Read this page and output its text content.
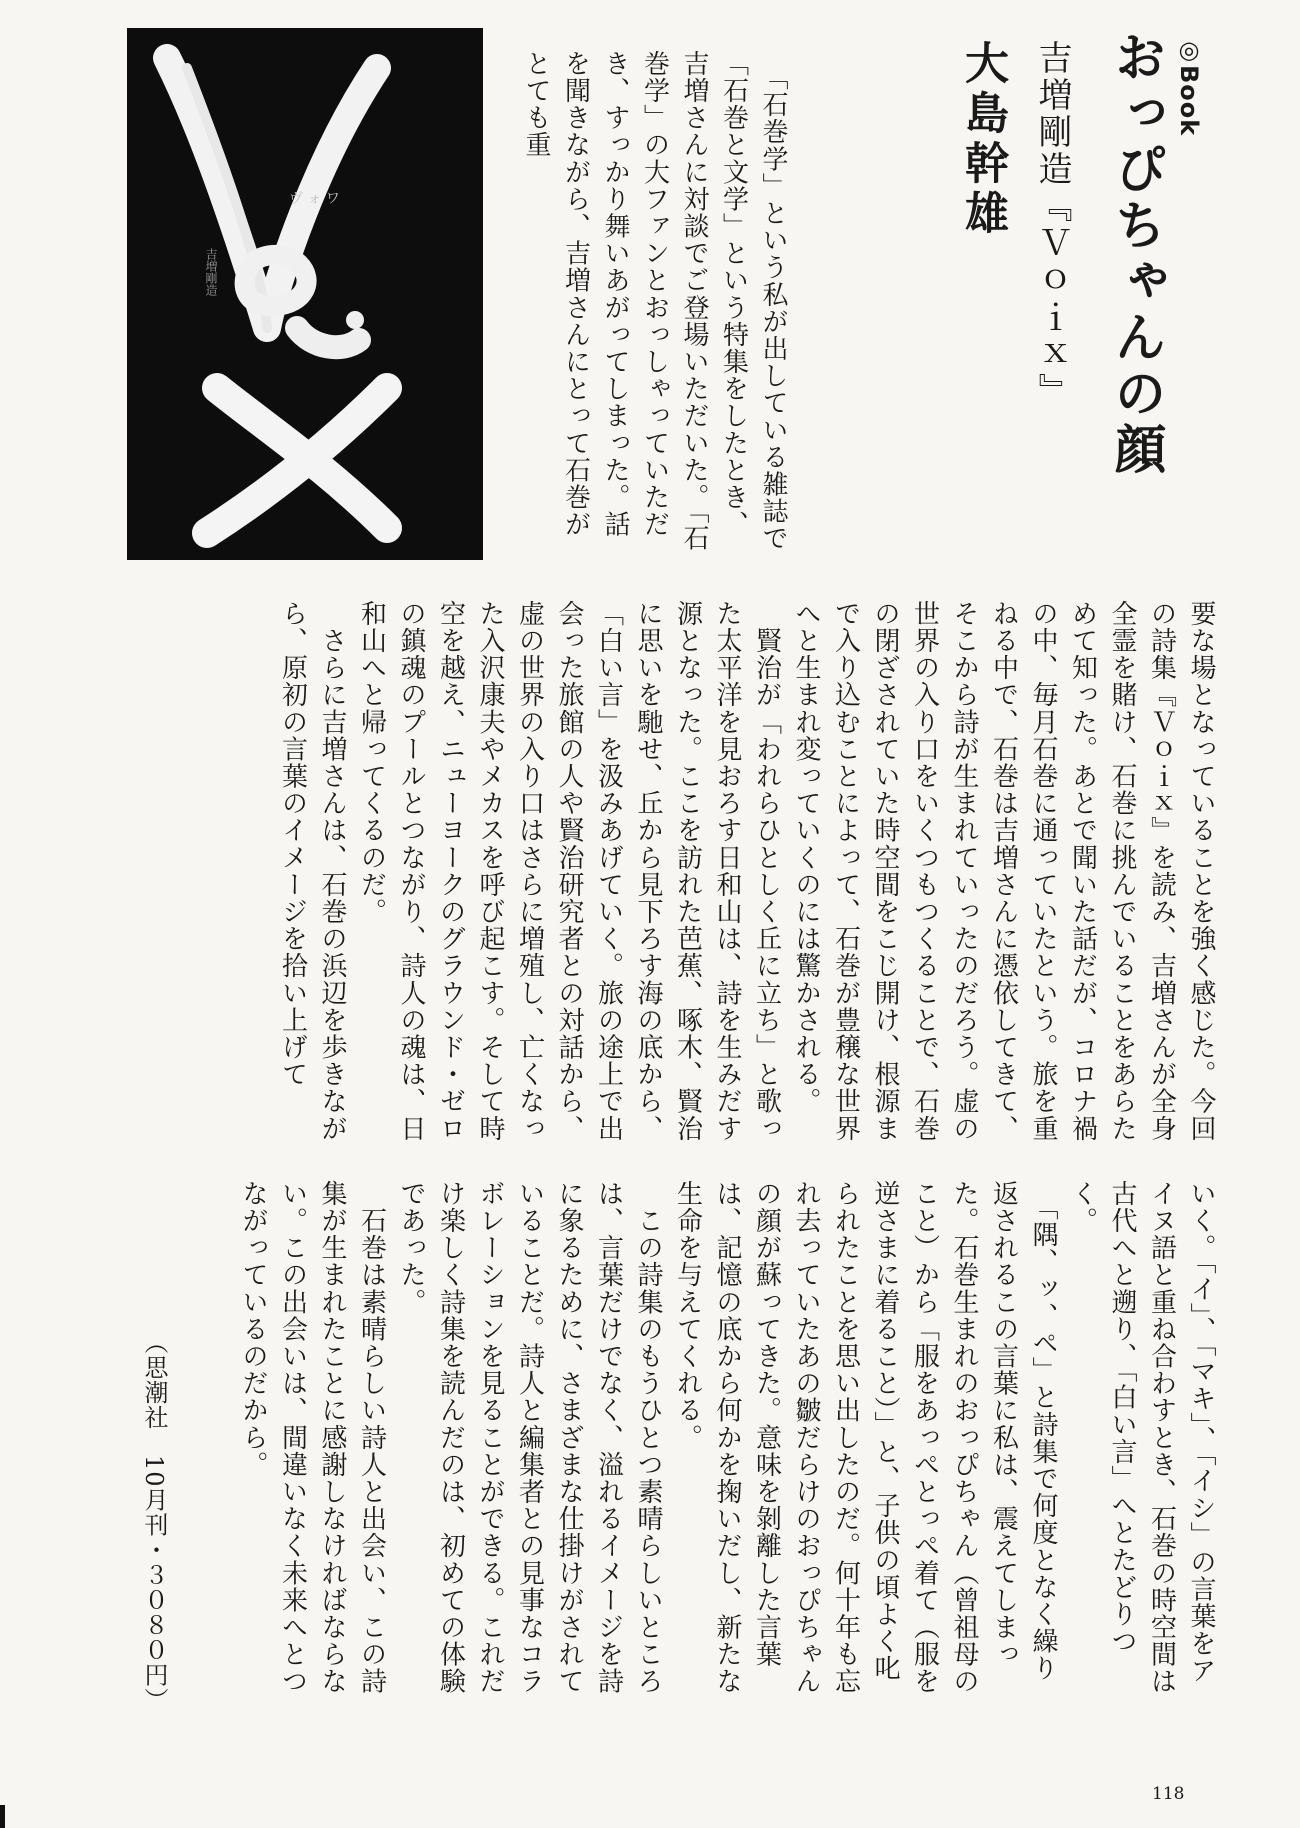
◎Book
おっぴちゃんの顔
吉増剛造『Ｖｏｉｘ』
大島幹雄
ヴ ォ ワ
吉増剛造	　「石巻学」という私が出している雑誌で「石巻と文学」という特集をしたとき、吉増さんに対談でご登場いただいた。「石巻学」の大ファンとおっしゃっていただき、すっかり舞いあがってしまった。話を聞きながら、吉増さんにとって石巻がとても重
要な場となっていることを強く感じた。今回の詩集『Ｖｏｉｘ』を読み、吉増さんが全身全霊を賭け、石巻に挑んでいることをあらためて知った。あとで聞いた話だが、コロナ禍の中、毎月石巻に通っていたという。旅を重ねる中で、石巻は吉増さんに憑依してきて、そこから詩が生まれていったのだろう。虚の世界の入り口をいくつもつくることで、石巻の閉ざされていた時空間をこじ開け、根源まで入り込むことによって、石巻が豊穣な世界へと生まれ変っていくのには驚かされる。
　賢治が「われらひとしく丘に立ち」と歌った太平洋を見おろす日和山は、詩を生みだす源となった。ここを訪れた芭蕉、啄木、賢治に思いを馳せ、丘から見下ろす海の底から、「白い言」を汲みあげていく。旅の途上で出会った旅館の人や賢治研究者との対話から、虚の世界の入り口はさらに増殖し、亡くなった入沢康夫やメカスを呼び起こす。そして時空を越え、ニューヨークのグラウンド・ゼロの鎮魂のプールとつながり、詩人の魂は、日和山へと帰ってくるのだ。
　さらに吉増さんは、石巻の浜辺を歩きながら、原初の言葉のイメージを拾い上げて
いく。「イ」、「マキ」、「イシ」の言葉をアイヌ語と重ね合わすとき、石巻の時空間は古代へと遡り、「白い言」へとたどりつく。
　「隅、ッ、ペ」と詩集で何度となく繰り返されるこの言葉に私は、震えてしまった。石巻生まれのおっぴちゃん（曾祖母のこと）から「服をあっぺとっぺ着て（服を逆さまに着ること）」と、子供の頃よく叱られたことを思い出したのだ。何十年も忘れ去っていたあの皺だらけのおっぴちゃんの顔が蘇ってきた。意味を剝離した言葉は、記憶の底から何かを掬いだし、新たな生命を与えてくれる。
　この詩集のもうひとつ素晴らしいところは、言葉だけでなく、溢れるイメージを詩に象るために、さまざまな仕掛けがされていることだ。詩人と編集者との見事なコラボレーションを見ることができる。これだけ楽しく詩集を読んだのは、初めての体験であった。
　石巻は素晴らしい詩人と出会い、この詩集が生まれたことに感謝しなければならない。この出会いは、間違いなく未来へとつながっているのだから。
（思潮社　10月刊・３０８０円）
118
